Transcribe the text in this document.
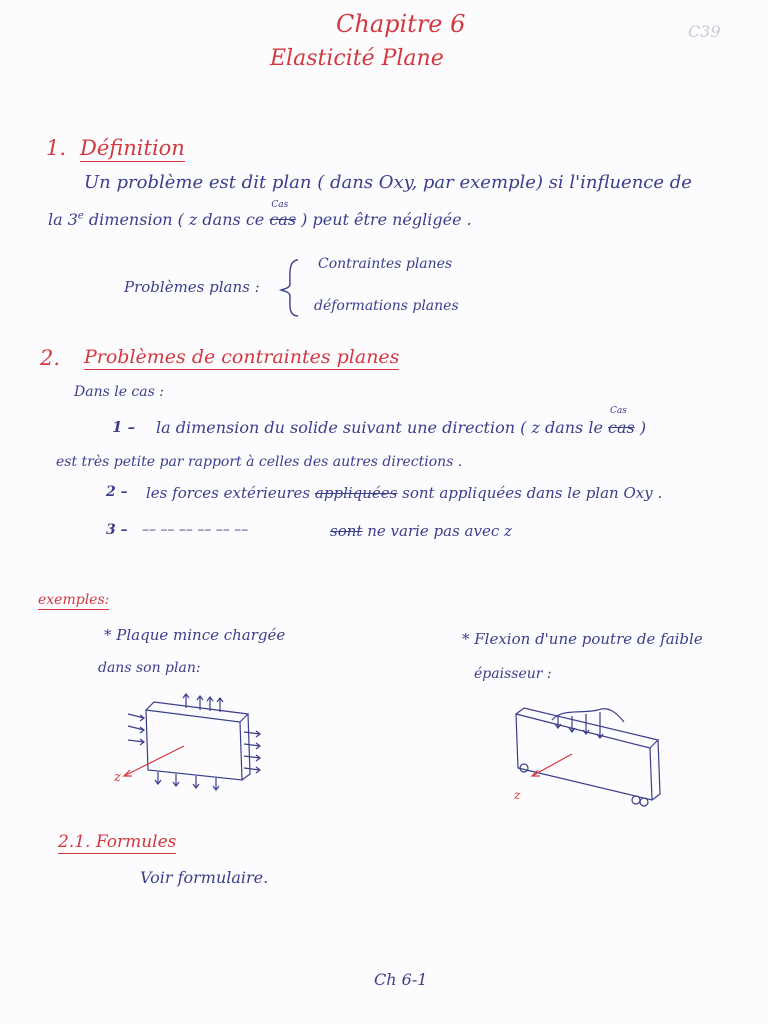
Chapitre 6
Elasticité Plane
C39
1. Définition
Un problème est dit plan ( dans Oxy, par exemple) si l'influence de
la 3e dimension ( z dans ce
Cas
cas ) peut être négligée .
Problèmes plans :
Contraintes planes
déformations planes
2. Problèmes de contraintes planes
Dans le cas :
1 – la dimension du solide suivant une direction ( z dans le
Cas
cas )
est très petite par rapport à celles des autres directions .
2 – les forces extérieures appliquées sont appliquées dans le plan Oxy .
3 – –– –– –– –– –– ––	sont ne varie pas avec z
exemples:
* Plaque mince chargée
dans son plan:
* Flexion d'une poutre de faible
épaisseur :
z
z
2.1. Formules
Voir formulaire.
Ch 6-1
